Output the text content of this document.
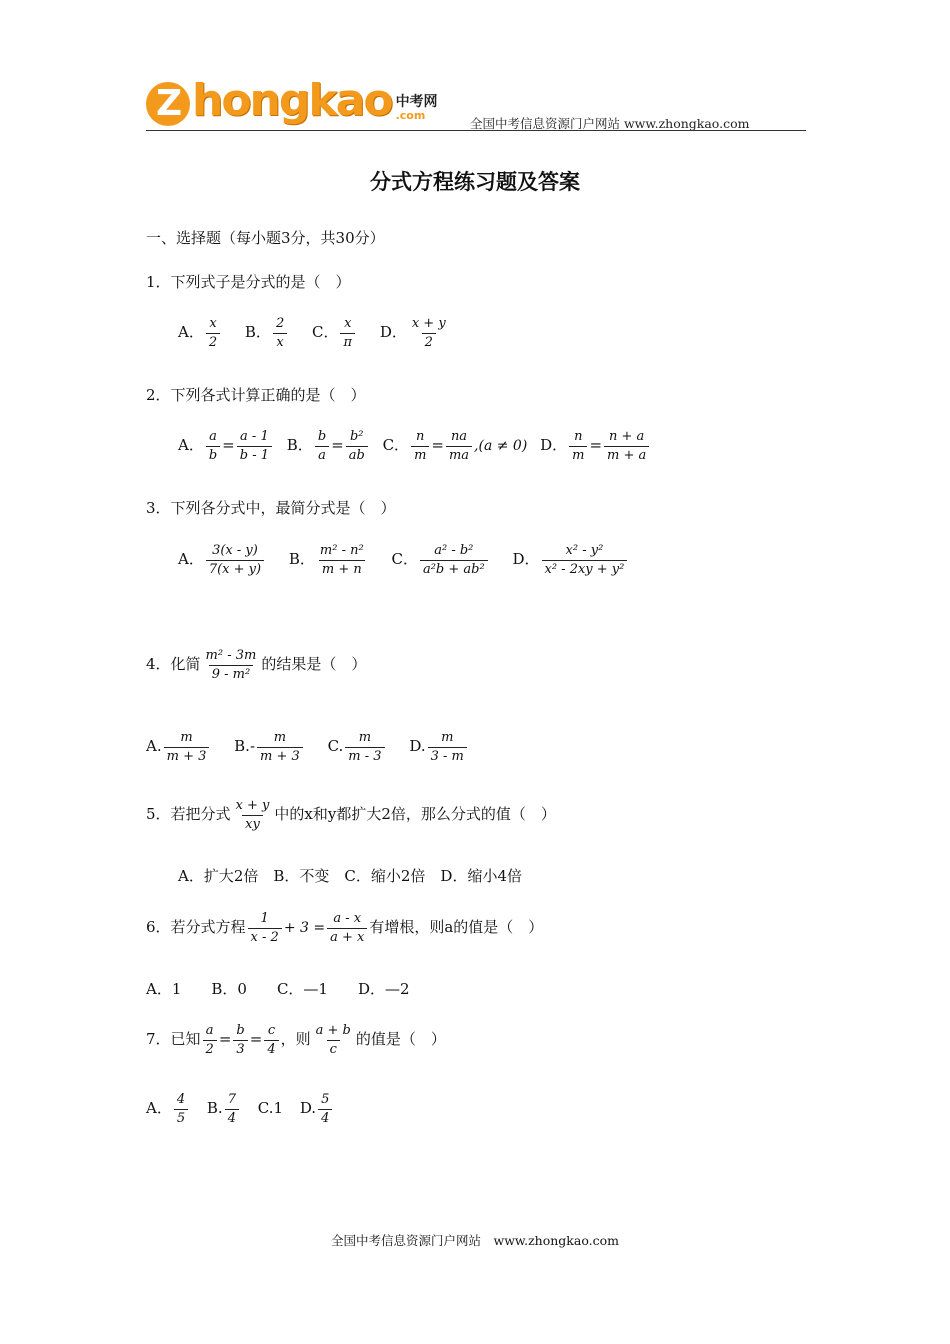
Z hongkao 中考网
.com
全国中考信息资源门户网站 www.zhongkao.com
分式方程练习题及答案
一、选择题（每小题3分，共30分）
1．下列式子是分式的是（　）
A． $\frac{x}{2}$ B． $\frac{2}{x}$ C． $\frac{x}{\pi}$ D． $\frac{x + y}{2}$
2．下列各式计算正确的是（　）
A． $\frac{a}{b} = \frac{a - 1}{b - 1}$ B． $\frac{b}{a} = \frac{\text{b²}}{ab}$ C． $\frac{n}{m} = \frac{na}{ma} ,(a \ne 0)$ D． $\frac{n}{m} = \frac{n + a}{m + a}$
3．下列各分式中，最简分式是（　）
A． $\frac{3(x - y)}{7(x + y)}$ B． $\frac{\text{m² - n²}}{m + n}$ C． $\frac{\text{a² - b²}}{\text{a²b + ab²}}$ D． $\frac{\text{x² - y²}}{\text{x² - 2xy + y²}}$
4．化简 $\frac{\text{m² - 3m}}{\text{9 - m²}}$ 的结果是（　）
A. $\frac{m}{m + 3} B.- \frac{m}{m + 3} C$. $\frac{m}{m - 3} D$. $\frac{m}{3 - m}$
5．若把分式 $\frac{x + y}{xy}$ 中的x和y都扩大2倍，那么分式的值（　）
A．扩大2倍　B．不变　C．缩小2倍　D．缩小4倍
6．若分式方程 $\frac{1}{x - 2} + 3 = \frac{a - x}{a + x}$ 有增根，则a的值是（　）
A．1　　B．0　　C．—1　　D．—2
7．已知 $\frac{a}{2} = \frac{b}{3} = \frac{c}{4}$ ，则 $\frac{a + b}{c}$ 的值是（　）
A． $\frac{4}{5} B$. $\frac{7}{4} C.1$ D. $\frac{5}{4}$
全国中考信息资源门户网站　www.zhongkao.com
